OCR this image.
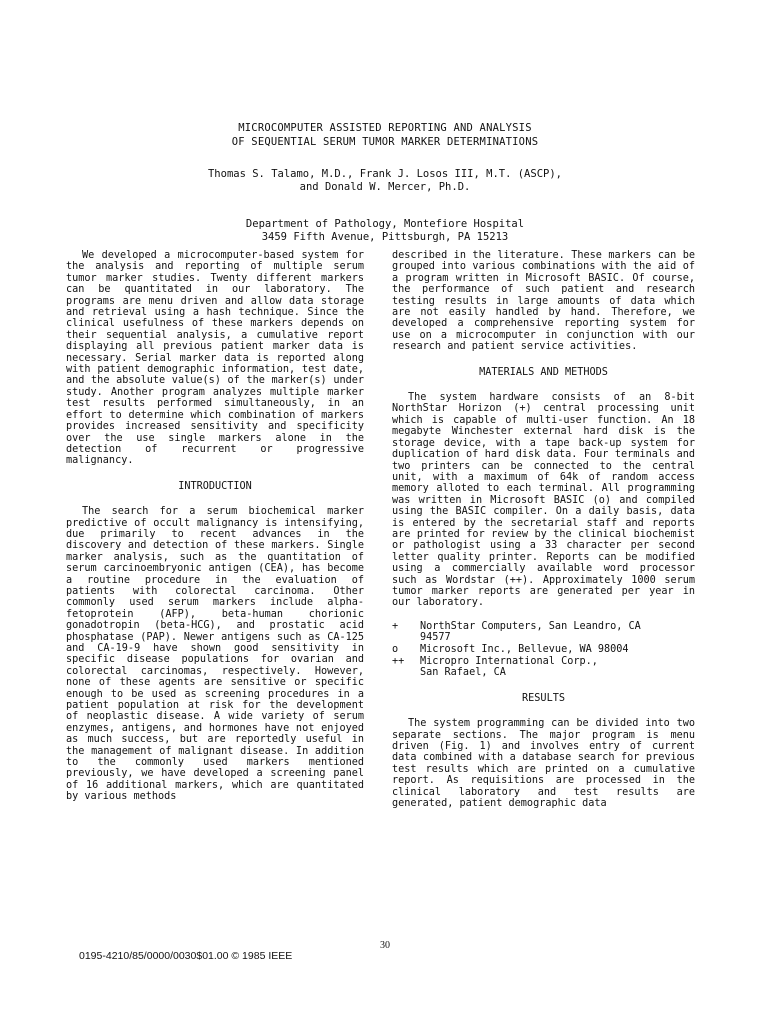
MICROCOMPUTER ASSISTED REPORTING AND ANALYSIS
OF SEQUENTIAL SERUM TUMOR MARKER DETERMINATIONS
Thomas S. Talamo, M.D., Frank J. Losos III, M.T. (ASCP),
and Donald W. Mercer, Ph.D.
Department of Pathology, Montefiore Hospital
3459 Fifth Avenue, Pittsburgh, PA 15213

We developed a microcomputer-based system for the analysis and reporting of multiple serum tumor marker studies. Twenty different markers can be quantitated in our laboratory. The programs are menu driven and allow data storage and retrieval using a hash technique. Since the clinical usefulness of these markers depends on their sequential analysis, a cumulative report displaying all previous patient marker data is necessary. Serial marker data is reported along with patient demographic information, test date, and the absolute value(s) of the marker(s) under study. Another program analyzes multiple marker test results performed simultaneously, in an effort to determine which combination of markers provides increased sensitivity and specificity over the use single markers alone in the detection of recurrent or progressive malignancy.

INTRODUCTION

The search for a serum biochemical marker predictive of occult malignancy is intensifying, due primarily to recent advances in the discovery and detection of these markers. Single marker analysis, such as the quantitation of serum carcinoembryonic antigen (CEA), has become a routine procedure in the evaluation of patients with colorectal carcinoma. Other commonly used serum markers include alpha-fetoprotein (AFP), beta-human chorionic gonadotropin (beta-HCG), and prostatic acid phosphatase (PAP). Newer antigens such as CA-125 and CA-19-9 have shown good sensitivity in specific disease populations for ovarian and colorectal carcinomas, respectively. However, none of these agents are sensitive or specific enough to be used as screening procedures in a patient population at risk for the development of neoplastic disease. A wide variety of serum enzymes, antigens, and hormones have not enjoyed as much success, but are reportedly useful in the management of malignant disease. In addition to the commonly used markers mentioned previously, we have developed a screening panel of 16 additional markers, which are quantitated by various methods

described in the literature. These markers can be grouped into various combinations with the aid of a program written in Microsoft BASIC. Of course, the performance of such patient and research testing results in large amounts of data which are not easily handled by hand. Therefore, we developed a comprehensive reporting system for use on a microcomputer in conjunction with our research and patient service activities.

MATERIALS AND METHODS

The system hardware consists of an 8-bit NorthStar Horizon (+) central processing unit which is capable of multi-user function. An 18 megabyte Winchester external hard disk is the storage device, with a tape back-up system for duplication of hard disk data. Four terminals and two printers can be connected to the central unit, with a maximum of 64k of random access memory alloted to each terminal. All programming was written in Microsoft BASIC (o) and compiled using the BASIC compiler. On a daily basis, data is entered by the secretarial staff and reports are printed for review by the clinical biochemist or pathologist using a 33 character per second letter quality printer. Reports can be modified using a commercially available word processor such as Wordstar (++). Approximately 1000 serum tumor marker reports are generated per year in our laboratory.

+	NorthStar Computers, San Leandro, CA
94577
o	Microsoft Inc., Bellevue, WA 98004
++	Micropro International Corp.,
San Rafael, CA
RESULTS

The system programming can be divided into two separate sections. The major program is menu driven (Fig. 1) and involves entry of current data combined with a database search for previous test results which are printed on a cumulative report. As requisitions are processed in the clinical laboratory and test results are generated, patient demographic data

30
0195-4210/85/0000/0030$01.00 © 1985 IEEE
